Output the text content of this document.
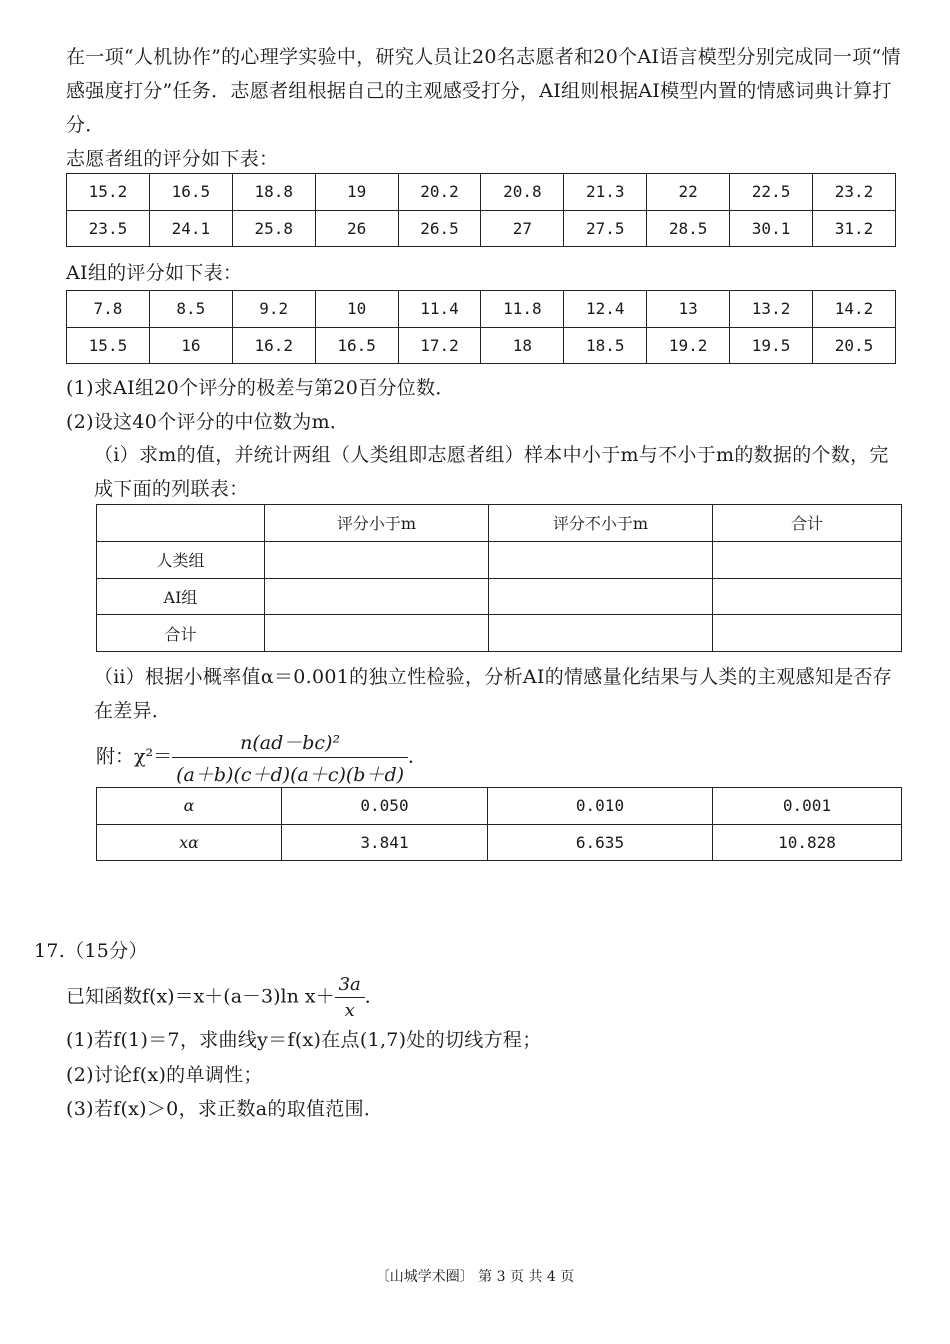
在一项“人机协作”的心理学实验中，研究人员让20名志愿者和20个AI语言模型分别完成同一项“情感强度打分”任务．志愿者组根据自己的主观感受打分，AI组则根据AI模型内置的情感词典计算打分．
志愿者组的评分如下表：
15.2	16.5	18.8	19	20.2	20.8	21.3	22	22.5	23.2
23.5	24.1	25.8	26	26.5	27	27.5	28.5	30.1	31.2
AI组的评分如下表：
7.8	8.5	9.2	10	11.4	11.8	12.4	13	13.2	14.2
15.5	16	16.2	16.5	17.2	18	18.5	19.2	19.5	20.5
(1)求AI组20个评分的极差与第20百分位数．
(2)设这40个评分的中位数为m．
（ⅰ）求m的值，并统计两组（人类组即志愿者组）样本中小于m与不小于m的数据的个数，完成下面的列联表：
	评分小于m	评分不小于m	合计
人类组			
AI组			
合计			
（ⅱ）根据小概率值α＝0.001的独立性检验，分析AI的情感量化结果与人类的主观感知是否存在差异．
附：$\chi^2= \frac{\text{n(ad－bc)²}}{(a+b)(c+d)(a+c)(b+d)}$ ．
α	0.050	0.010	0.001
xα	3.841	6.635	10.828
17.（15分）
已知函数f(x)＝x＋(a－3)ln $x+ \frac{3a}{x}$ ．
(1)若f(1)＝7，求曲线y＝f(x)在点(1,7)处的切线方程；
(2)讨论f(x)的单调性；
(3)若f(x)＞0，求正数a的取值范围．
〔山城学术圈〕 第 3 页 共 4 页
